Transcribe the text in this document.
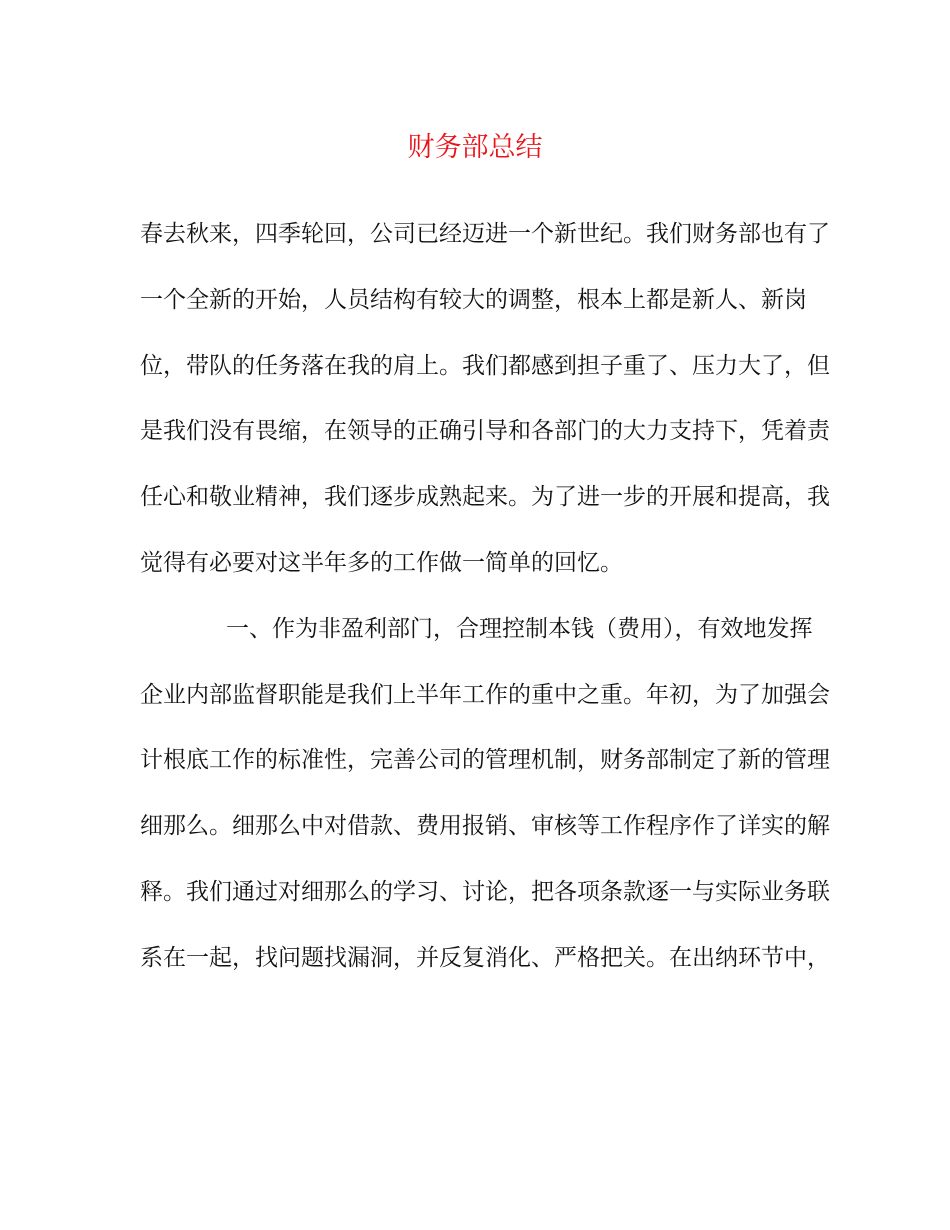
财务部总结

春去秋来，四季轮回，公司已经迈进一个新世纪。我们财务部也有了

一个全新的开始，人员结构有较大的调整，根本上都是新人、新岗

位，带队的任务落在我的肩上。我们都感到担子重了、压力大了，但

是我们没有畏缩，在领导的正确引导和各部门的大力支持下，凭着责

任心和敬业精神，我们逐步成熟起来。为了进一步的开展和提高，我

觉得有必要对这半年多的工作做一简单的回忆。

一、作为非盈利部门，合理控制本钱（费用），有效地发挥

企业内部监督职能是我们上半年工作的重中之重。年初，为了加强会

计根底工作的标准性，完善公司的管理机制，财务部制定了新的管理

细那么。细那么中对借款、费用报销、审核等工作程序作了详实的解

释。我们通过对细那么的学习、讨论，把各项条款逐一与实际业务联

系在一起，找问题找漏洞，并反复消化、严格把关。在出纳环节中，
